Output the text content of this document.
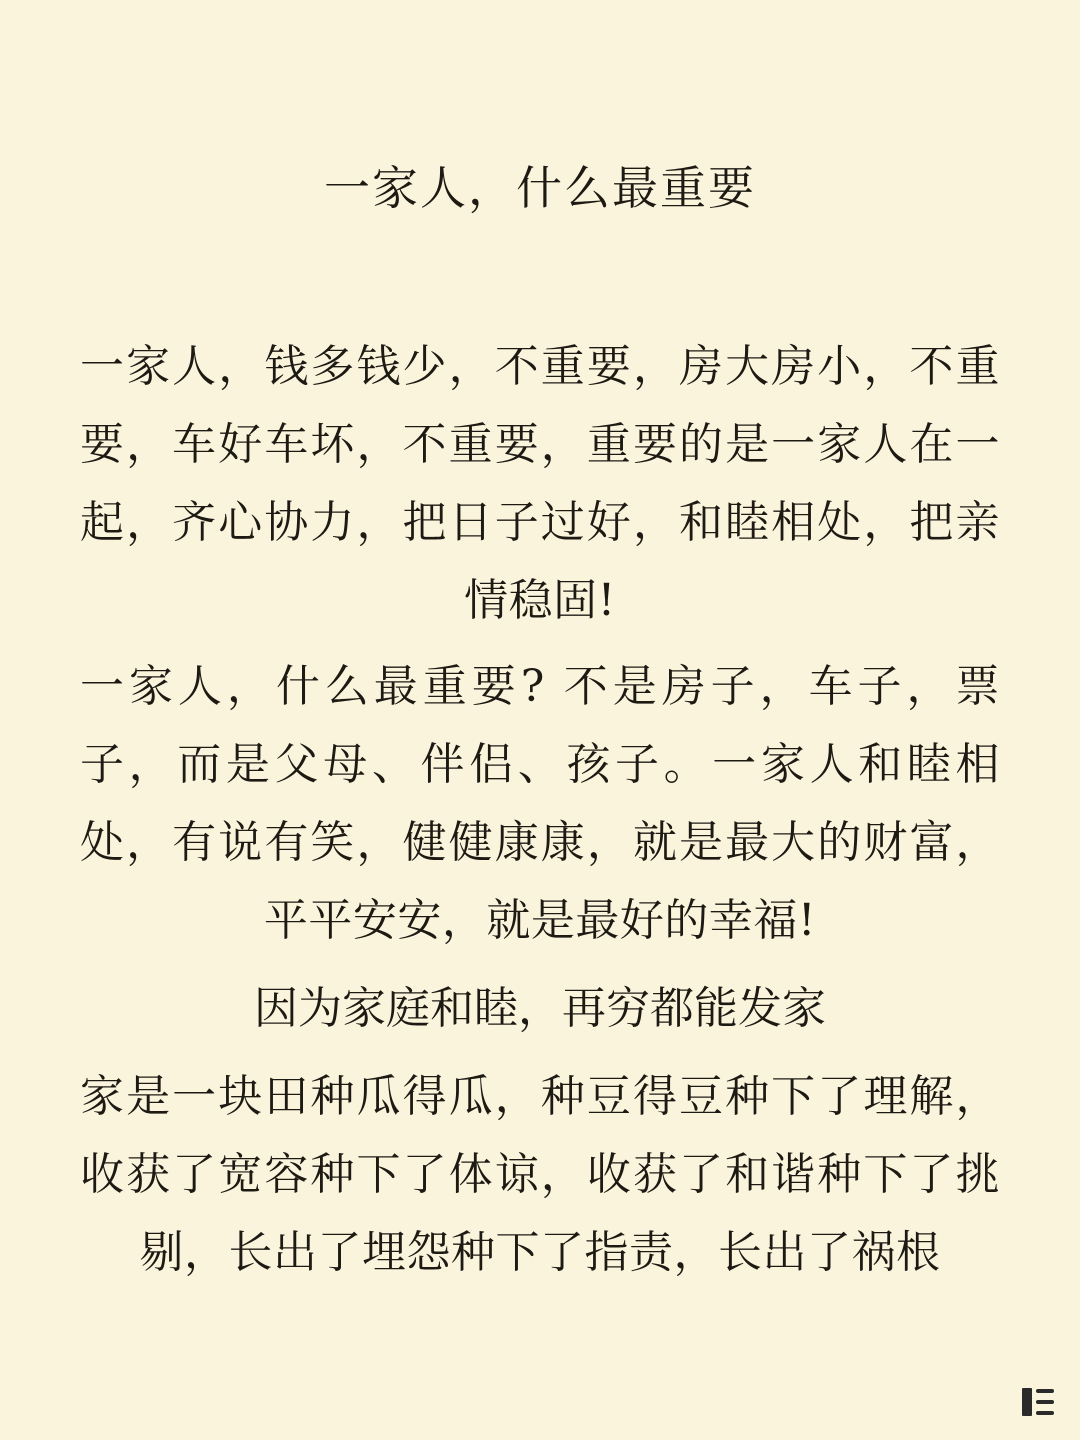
一家人，什么最重要

一家人，钱多钱少，不重要，房大房小，不重要，车好车坏，不重要，重要的是一家人在一起，齐心协力，把日子过好，和睦相处，把亲情稳固!

一家人，什么最重要? 不是房子，车子，票子，而是父母、伴侣、孩子。一家人和睦相处，有说有笑，健健康康，就是最大的财富，平平安安，就是最好的幸福!

因为家庭和睦，再穷都能发家

家是一块田种瓜得瓜，种豆得豆种下了理解，收获了宽容种下了体谅，收获了和谐种下了挑剔，长出了埋怨种下了指责，长出了祸根
